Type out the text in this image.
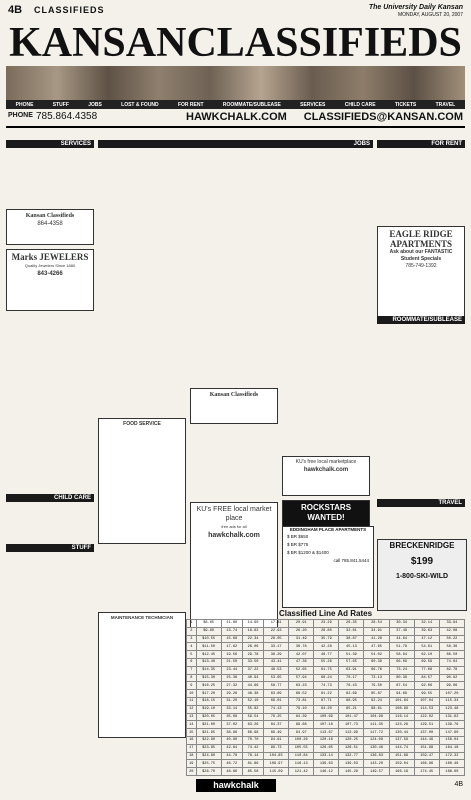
4B CLASSIFIEDS	The University Daily Kansan
MONDAY, AUGUST 20, 2007
KANSANCLASSIFIEDS
PHONE	STUFF	JOBS	LOST & FOUND	FOR RENT	ROOMMATE/SUBLEASE	SERVICES	CHILD CARE	TICKETS	TRAVEL
PHONE 785.864.4358	HAWKCHALK.COM CLASSIFIEDS@KANSAN.COM
SERVICES	JOBS	FOR RENT

Kansan Classifieds
864-4358
Marks JEWELERS
Quality Jewelers Since 1880
843-4266
CHILD CARE
STUFF
FOOD SERVICE
MAINTENANCE TECHNICIAN
Kansan Classifieds
KU's FREE local market place
free ads for all
hawkchalk.com
KU's free local marketplace
hawkchalk.com
ROCKSTARS WANTED!
EAGLE RIDGE APARTMENTS
Ask about our FANTASTIC Student Specials
785-749-1392
ROOMMATE/SUBLEASE
TRAVEL
EDDINGHAM PLACE APARTMENTS
$ BR $650
$ BR $775
$ BR $1200 & $1400
call 785.841.5444
BRECKENRIDGE
$199
1-800-SKI-WILD
Classified Line Ad Rates
1	$8.65	11.80	14.90	17.81	20.91	23.29	26.35	28.54	30.34	32.14	33.94
2	$9.60	13.74	18.62	22.93	26.20	28.80	32.61	34.91	37.49	39.63	42.08
3	$10.55	15.68	22.34	28.05	31.49	35.79	38.87	41.28	44.64	47.12	50.22
4	$11.50	17.62	26.06	33.17	36.78	42.28	45.13	47.65	51.79	54.61	58.36
5	$12.45	19.56	29.78	38.29	42.07	48.77	51.39	54.02	58.94	62.10	66.50
6	$13.40	21.50	33.50	43.41	47.36	55.26	57.65	60.39	66.09	69.59	74.64
7	$14.35	23.44	37.22	48.53	52.65	61.75	63.91	66.76	73.24	77.08	82.78
8	$15.30	25.38	40.94	53.65	57.94	68.24	70.17	73.13	80.39	84.57	90.92
9	$16.25	27.32	44.66	58.77	63.23	74.73	76.43	79.50	87.54	92.06	99.06
10	$17.20	29.26	48.38	63.89	68.52	81.22	82.69	85.87	94.69	99.55	107.20
11	$18.15	31.20	52.10	69.01	73.81	87.71	88.95	92.24	101.84	107.04	115.34
12	$19.10	33.14	55.82	74.13	79.10	94.20	95.21	98.61	108.99	114.53	123.48
13	$20.05	35.08	59.54	79.25	84.39	100.69	101.47	104.98	116.14	122.02	131.62
14	$21.00	37.02	63.26	84.37	89.68	107.18	107.73	111.35	123.29	129.51	139.76
15	$21.95	38.96	66.98	89.49	94.97	113.67	113.99	117.72	130.44	137.00	147.90
16	$22.90	40.90	70.70	94.61	100.26	120.16	120.25	124.09	137.59	144.49	156.04
17	$23.85	42.84	74.42	99.73	105.55	126.65	126.51	130.46	144.74	151.98	164.18
18	$24.80	44.78	78.14	104.85	110.84	133.14	132.77	136.83	151.89	159.47	172.32
19	$25.75	46.72	81.86	109.97	116.13	139.63	139.03	143.20	159.04	166.96	180.46
20	$26.70	48.66	85.58	115.09	121.42	146.12	145.29	149.57	166.19	174.45	188.60
hawkchalk	4B
